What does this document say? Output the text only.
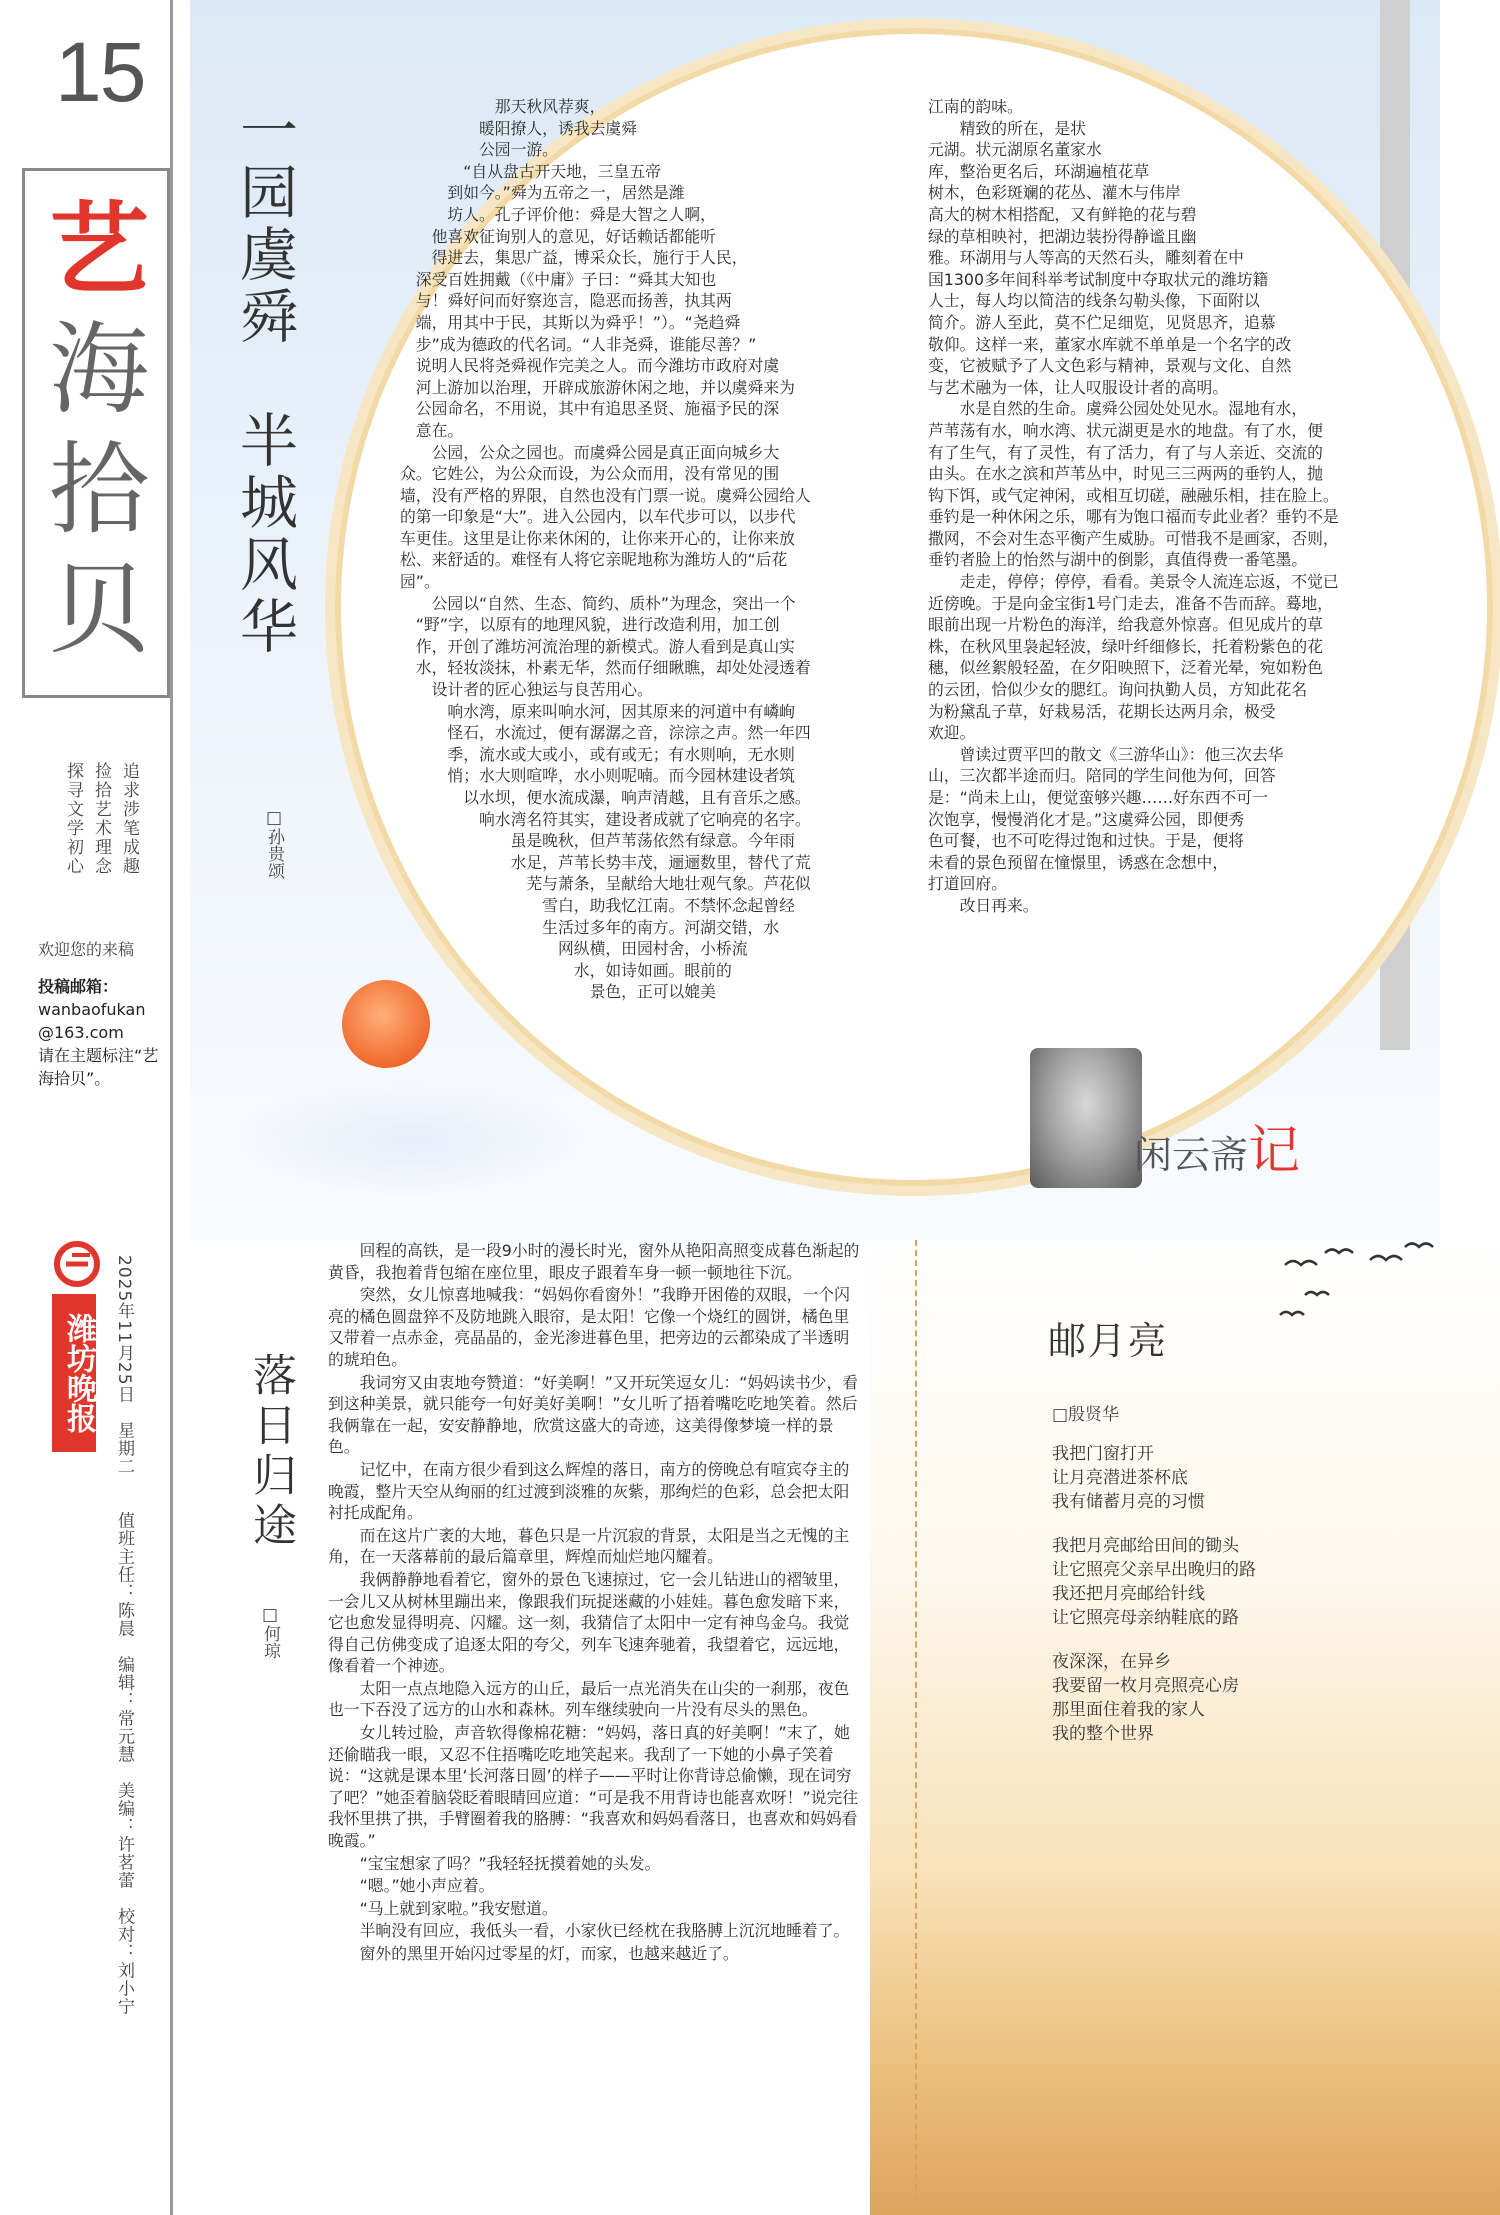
15
艺
海
拾
贝
追求涉笔成趣
捡拾艺术理念
探寻文学初心
欢迎您的来稿
投稿邮箱：
wanbaofukan
@163.com
请在主题标注“艺海拾贝”。
潍坊晚报 2025年11月25日　星期二　　值班主任：陈晨　编辑：常元慧　美编：许茗蕾　校对：刘小宁
一园虞舜　半城风华
□孙贵颂
　　　　　　那天秋风荐爽，
　　　　　暖阳撩人，诱我去虞舜
　　　　　公园一游。
　　　　“自从盘古开天地，三皇五帝
　　　到如今。”舜为五帝之一，居然是潍
　　　坊人。孔子评价他：舜是大智之人啊，
　　他喜欢征询别人的意见，好话赖话都能听
　　得进去，集思广益，博采众长，施行于人民，
　深受百姓拥戴（《中庸》子曰：“舜其大知也
　与！舜好问而好察迩言，隐恶而扬善，执其两
　端，用其中于民，其斯以为舜乎！”）。“尧趋舜
　步”成为德政的代名词。“人非尧舜，谁能尽善？”
　说明人民将尧舜视作完美之人。而今潍坊市政府对虞
　河上游加以治理，开辟成旅游休闲之地，并以虞舜来为
　公园命名，不用说，其中有追思圣贤、施福予民的深
　意在。
　　公园，公众之园也。而虞舜公园是真正面向城乡大
众。它姓公，为公众而设，为公众而用，没有常见的围
墙，没有严格的界限，自然也没有门票一说。虞舜公园给人
的第一印象是“大”。进入公园内，以车代步可以，以步代
车更佳。这里是让你来休闲的，让你来开心的，让你来放
松、来舒适的。难怪有人将它亲昵地称为潍坊人的“后花
园”。
　　公园以“自然、生态、简约、质朴”为理念，突出一个
　“野”字，以原有的地理风貌，进行改造利用，加工创
　作，开创了潍坊河流治理的新模式。游人看到是真山实
　水，轻妆淡抹，朴素无华，然而仔细瞅瞧，却处处浸透着
　　设计者的匠心独运与良苦用心。
　　　响水湾，原来叫响水河，因其原来的河道中有嶙峋
　　　怪石，水流过，便有潺潺之音，淙淙之声。然一年四
　　　季，流水或大或小，或有或无；有水则响，无水则
　　　悄；水大则喧哗，水小则呢喃。而今园林建设者筑
　　　　以水坝，便水流成瀑，响声清越，且有音乐之感。
　　　　　响水湾名符其实，建设者成就了它响亮的名字。
　　　　　　　虽是晚秋，但芦苇荡依然有绿意。今年雨
　　　　　　　水足，芦苇长势丰茂，逦逦数里，替代了荒
　　　　　　　　芜与萧条，呈献给大地壮观气象。芦花似
　　　　　　　　　雪白，助我忆江南。不禁怀念起曾经
　　　　　　　　　生活过多年的南方。河湖交错，水
　　　　　　　　　　网纵横，田园村舍，小桥流
　　　　　　　　　　　水，如诗如画。眼前的
　　　　　　　　　　　　景色，正可以媲美
江南的韵味。
　　精致的所在，是状
元湖。状元湖原名董家水
库，整治更名后，环湖遍植花草
树木，色彩斑斓的花丛、灌木与伟岸
高大的树木相搭配，又有鲜艳的花与碧
绿的草相映衬，把湖边装扮得静谧且幽
雅。环湖用与人等高的天然石头，雕刻着在中
国1300多年间科举考试制度中夺取状元的潍坊籍
人士，每人均以简洁的线条勾勒头像，下面附以
简介。游人至此，莫不伫足细览，见贤思齐，追慕
敬仰。这样一来，董家水库就不单单是一个名字的改
变，它被赋予了人文色彩与精神，景观与文化、自然
与艺术融为一体，让人叹服设计者的高明。
　　水是自然的生命。虞舜公园处处见水。湿地有水，
芦苇荡有水，响水湾、状元湖更是水的地盘。有了水，便
有了生气，有了灵性，有了活力，有了与人亲近、交流的
由头。在水之滨和芦苇丛中，时见三三两两的垂钓人，抛
钩下饵，或气定神闲，或相互切磋，融融乐相，挂在脸上。
垂钓是一种休闲之乐，哪有为饱口福而专此业者？垂钓不是
撒网，不会对生态平衡产生威胁。可惜我不是画家，否则，
垂钓者脸上的怡然与湖中的倒影，真值得费一番笔墨。
　　走走，停停；停停，看看。美景令人流连忘返，不觉已
近傍晚。于是向金宝街1号门走去，准备不告而辞。蓦地，
眼前出现一片粉色的海洋，给我意外惊喜。但见成片的草
株，在秋风里袅起轻波，绿叶纤细修长，托着粉紫色的花
穗，似丝絮般轻盈，在夕阳映照下，泛着光晕，宛如粉色
的云团，恰似少女的腮红。询问执勤人员，方知此花名
为粉黛乱子草，好栽易活，花期长达两月余，极受
欢迎。
　　曾读过贾平凹的散文《三游华山》：他三次去华
山，三次都半途而归。陪同的学生问他为何，回答
是：“尚未上山，便觉蛮够兴趣……好东西不可一
次饱享，慢慢消化才是。”这虞舜公园，即便秀
色可餐，也不可吃得过饱和过快。于是，便将
未看的景色预留在憧憬里，诱惑在念想中，
打道回府。
　　改日再来。
闲云斋记
落日归途
□何琼

回程的高铁，是一段9小时的漫长时光，窗外从艳阳高照变成暮色渐起的黄昏，我抱着背包缩在座位里，眼皮子跟着车身一顿一顿地往下沉。

突然，女儿惊喜地喊我：“妈妈你看窗外！”我睁开困倦的双眼，一个闪亮的橘色圆盘猝不及防地跳入眼帘，是太阳！它像一个烧红的圆饼，橘色里又带着一点赤金，亮晶晶的，金光渗进暮色里，把旁边的云都染成了半透明的琥珀色。

我词穷又由衷地夸赞道：“好美啊！”又开玩笑逗女儿：“妈妈读书少，看到这种美景，就只能夸一句好美好美啊！”女儿听了捂着嘴吃吃地笑着。然后我俩靠在一起，安安静静地，欣赏这盛大的奇迹，这美得像梦境一样的景色。

记忆中，在南方很少看到这么辉煌的落日，南方的傍晚总有喧宾夺主的晚霞，整片天空从绚丽的红过渡到淡雅的灰紫，那绚烂的色彩，总会把太阳衬托成配角。

而在这片广袤的大地，暮色只是一片沉寂的背景，太阳是当之无愧的主角，在一天落幕前的最后篇章里，辉煌而灿烂地闪耀着。

我俩静静地看着它，窗外的景色飞速掠过，它一会儿钻进山的褶皱里，一会儿又从树林里蹦出来，像跟我们玩捉迷藏的小娃娃。暮色愈发暗下来，它也愈发显得明亮、闪耀。这一刻，我猜信了太阳中一定有神鸟金乌。我觉得自己仿佛变成了追逐太阳的夸父，列车飞速奔驰着，我望着它，远远地，像看着一个神迹。

太阳一点点地隐入远方的山丘，最后一点光消失在山尖的一刹那，夜色也一下吞没了远方的山水和森林。列车继续驶向一片没有尽头的黑色。

女儿转过脸，声音软得像棉花糖：“妈妈，落日真的好美啊！”末了，她还偷瞄我一眼，又忍不住捂嘴吃吃地笑起来。我刮了一下她的小鼻子笑着说：“这就是课本里‘长河落日圆’的样子——平时让你背诗总偷懒，现在词穷了吧？”她歪着脑袋眨着眼睛回应道：“可是我不用背诗也能喜欢呀！”说完往我怀里拱了拱，手臂圈着我的胳膊：“我喜欢和妈妈看落日，也喜欢和妈妈看晚霞。”

“宝宝想家了吗？”我轻轻抚摸着她的头发。

“嗯。”她小声应着。

“马上就到家啦。”我安慰道。

半晌没有回应，我低头一看，小家伙已经枕在我胳膊上沉沉地睡着了。

窗外的黑里开始闪过零星的灯，而家，也越来越近了。

邮月亮
□殷贤华
我把门窗打开
让月亮潜进茶杯底
我有储蓄月亮的习惯
我把月亮邮给田间的锄头
让它照亮父亲早出晚归的路
我还把月亮邮给针线
让它照亮母亲纳鞋底的路
夜深深，在异乡
我要留一枚月亮照亮心房
那里面住着我的家人
我的整个世界
